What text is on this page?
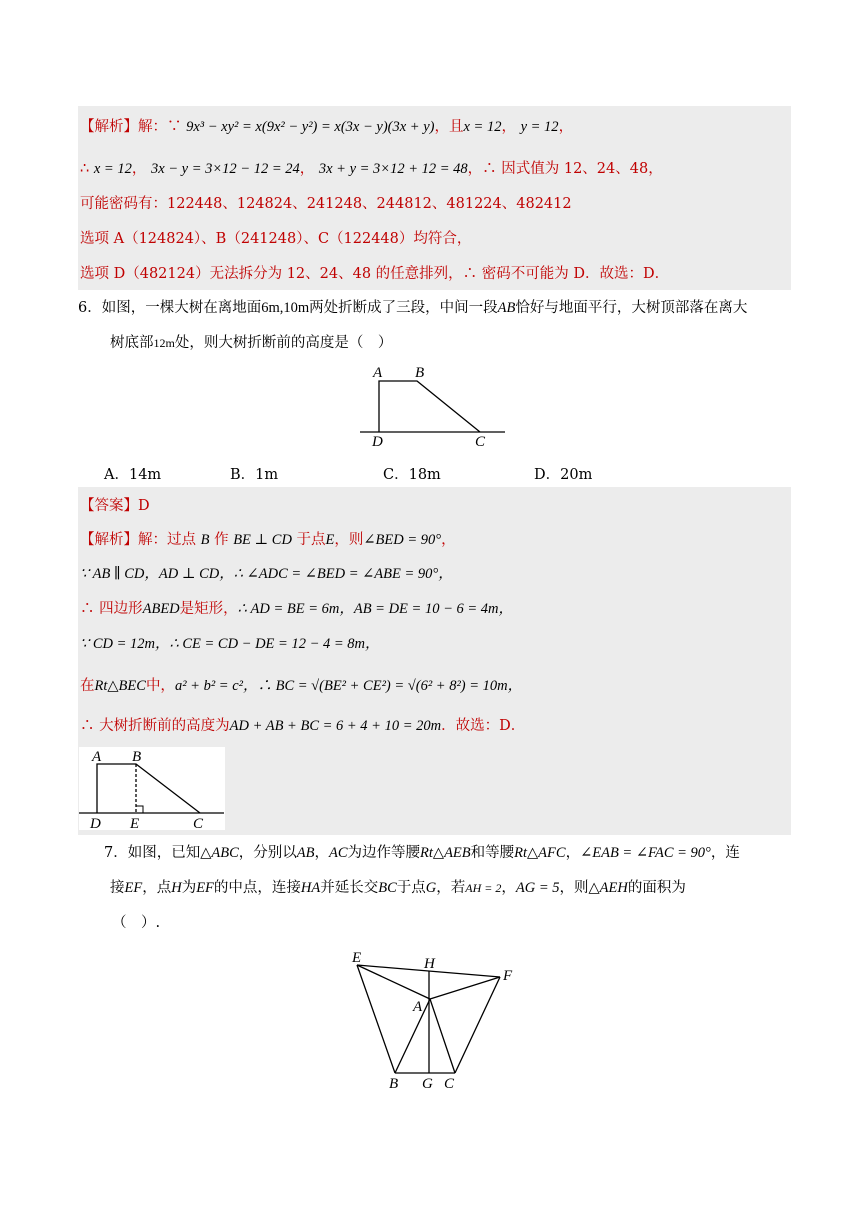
【解析】解：∵ 9x³ − xy² = x(9x² − y²) = x(3x − y)(3x + y)，且x = 12， y = 12，
∴ x = 12， 3x − y = 3×12 − 12 = 24， 3x + y = 3×12 + 12 = 48，∴ 因式值为 12、24、48，
可能密码有：122448、124824、241248、244812、481224、482412
选项 A（124824）、B（241248）、C（122448）均符合，
选项 D（482124）无法拆分为 12、24、48 的任意排列，∴ 密码不可能为 D．故选：D．
6．如图，一棵大树在离地面6m,10m两处折断成了三段，中间一段AB恰好与地面平行，大树顶部落在离大
树底部12m处，则大树折断前的高度是（　）
A B
D	C
A．14m	B．1m	C．18m	D．20m
【答案】D
【解析】解：过点 B 作 BE ⊥ CD 于点E，则∠BED = 90°，
∵ AB ∥ CD，AD ⊥ CD，∴ ∠ADC = ∠BED = ∠ABE = 90°，
∴ 四边形ABED是矩形，∴ AD = BE = 6m，AB = DE = 10 − 6 = 4m，
∵ CD = 12m，∴ CE = CD − DE = 12 − 4 = 8m，
在Rt△BEC中，a² + b² = c²，∴ BC = √(BE² + CE²) = √(6² + 8²) = 10m，
∴ 大树折断前的高度为AD + AB + BC = 6 + 4 + 10 = 20m．故选：D．
A B
D E	C
7．如图，已知△ABC，分别以AB，AC为边作等腰Rt△AEB和等腰Rt△AFC，∠EAB = ∠FAC = 90°，连
接EF，点H为EF的中点，连接HA并延长交BC于点G，若AH = 2，AG = 5，则△AEH的面积为
（　）.
E	H
F
A
B G C
